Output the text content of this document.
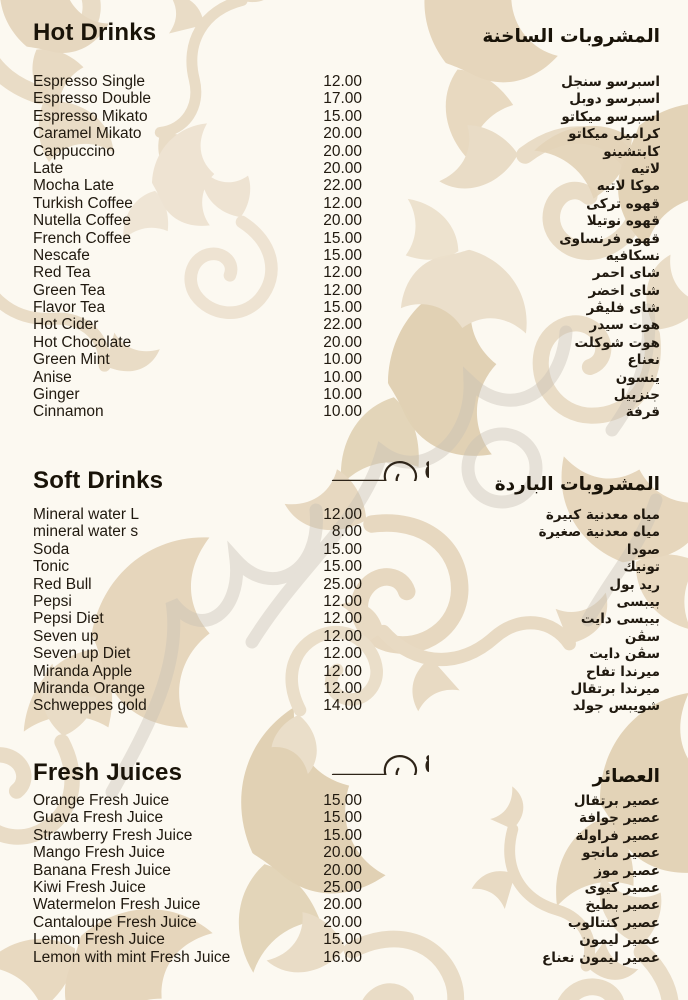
Hot Drinks	المشروبات الساخنة
Espresso Single	12.00	اسبرسو سنجل
Espresso Double	17.00	اسبرسو دوبل
Espresso Mikato	15.00	اسبرسو ميكاتو
Caramel Mikato	20.00	كراميل ميكاتو
Cappuccino	20.00	كابتشينو
Late	20.00	لاتيه
Mocha Late	22.00	موكا لاتيه
Turkish Coffee	12.00	قهوه تركى
Nutella Coffee	20.00	قهوه نوتيلا
French Coffee	15.00	قهوه فرنساوى
Nescafe	15.00	نسكافيه
Red Tea	12.00	شاى احمر
Green Tea	12.00	شاى اخضر
Flavor Tea	15.00	شاى فليڤر
Hot Cider	22.00	هوت سيدر
Hot Chocolate	20.00	هوت شوكلت
Green Mint	10.00	نعناع
Anise	10.00	ينسون
Ginger	10.00	جنزبيل
Cinnamon	10.00	قرفة
Soft Drinks	المشروبات الباردة
Mineral water L	12.00	مياه معدنية كبيرة
mineral water s	8.00	مياه معدنية صغيرة
Soda	15.00	صودا
Tonic	15.00	تونيك
Red Bull	25.00	ريد بول
Pepsi	12.00	بيبسى
Pepsi Diet	12.00	بيبسى دايت
Seven up	12.00	سڤن
Seven up Diet	12.00	سڤن دايت
Miranda Apple	12.00	ميرندا تفاح
Miranda Orange	12.00	ميرندا برتقال
Schweppes gold	14.00	شويبس جولد
Fresh Juices	العصائر
Orange Fresh Juice	15.00	عصير برتقال
Guava Fresh Juice	15.00	عصير جوافة
Strawberry Fresh Juice	15.00	عصير فراولة
Mango Fresh Juice	20.00	عصير مانجو
Banana Fresh Juice	20.00	عصير موز
Kiwi Fresh Juice	25.00	عصير كيوى
Watermelon Fresh Juice	20.00	عصير بطيخ
Cantaloupe Fresh Juice	20.00	عصير كنتالوب
Lemon Fresh Juice	15.00	عصير ليمون
Lemon with mint Fresh Juice	16.00	عصير ليمون نعناع
